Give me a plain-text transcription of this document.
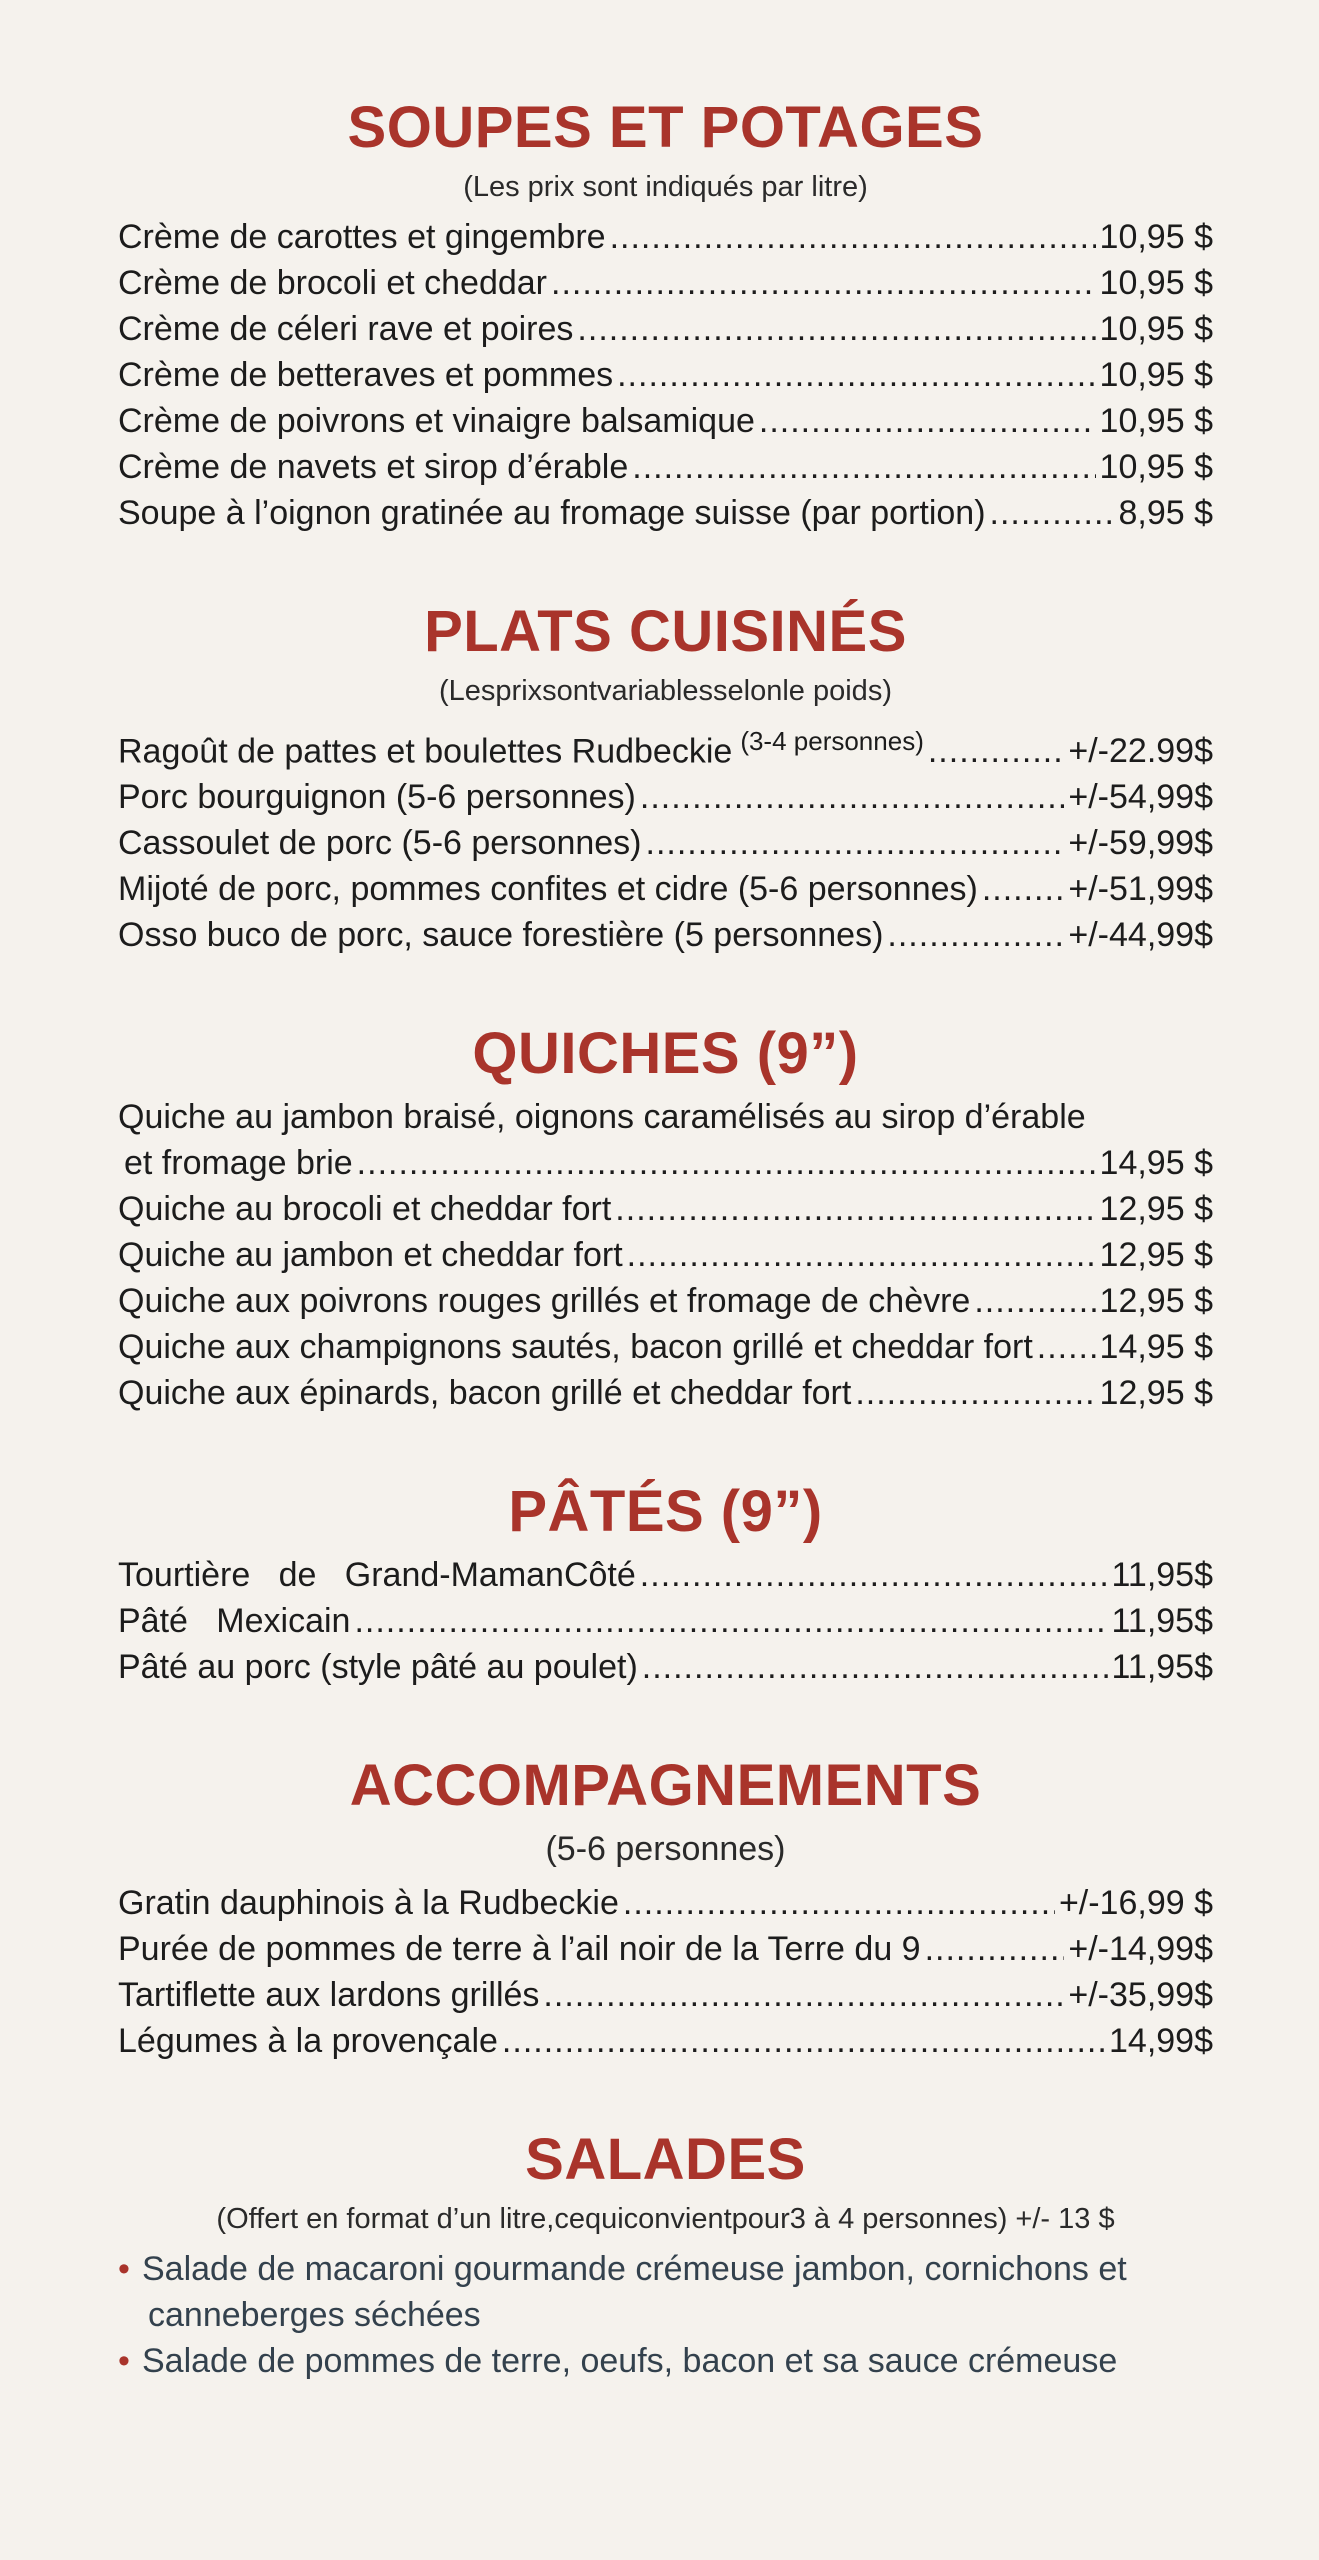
SOUPES ET POTAGES

(Les prix sont indiqués par litre)

Crème de carottes et gingembre .....	10,95 $
Crème de brocoli et cheddar .....	10,95 $
Crème de céleri rave et poires .....	10,95 $
Crème de betteraves et pommes .....	10,95 $
Crème de poivrons et vinaigre balsamique .....	10,95 $
Crème de navets et sirop d’érable .....	10,95 $
Soupe à l’oignon gratinée au fromage suisse (par portion) .....	8,95 $
PLATS CUISINÉS

(Lesprixsontvariablesselonle poids)

Ragoût de pattes et boulettes Rudbeckie $^{(3-4 personnes)}$ .....	+/-22.99$
Porc bourguignon (5-6 personnes) .....	+/-54,99$
Cassoulet de porc (5-6 personnes) .....	+/-59,99$
Mijoté de porc, pommes confites et cidre (5-6 personnes) .....	+/-51,99$
Osso buco de porc, sauce forestière (5 personnes) .....	+/-44,99$
QUICHES (9”)
Quiche au jambon braisé, oignons caramélisés au sirop d’érable
et fromage brie .....	14,95 $
Quiche au brocoli et cheddar fort .....	12,95 $
Quiche au jambon et cheddar fort .....	12,95 $
Quiche aux poivrons rouges grillés et fromage de chèvre .....	12,95 $
Quiche aux champignons sautés, bacon grillé et cheddar fort ..... 14,95 $
Quiche aux épinards, bacon grillé et cheddar fort .....	12,95 $
PÂTÉS (9”)
Tourtière   de   Grand-MamanCôté .....	11,95$
Pâté   Mexicain .....	11,95$
Pâté au porc (style pâté au poulet) .....	11,95$
ACCOMPAGNEMENTS

(5-6 personnes)

Gratin dauphinois à la Rudbeckie .....	+/-16,99 $
Purée de pommes de terre à l’ail noir de la Terre du 9 .....	+/-14,99$
Tartiflette aux lardons grillés .....	+/-35,99$
Légumes à la provençale .....	14,99$
SALADES

(Offert en format d’un litre,cequiconvientpour3 à 4 personnes) +/- 13 $

• Salade de macaroni gourmande crémeuse jambon, cornichons et
canneberges séchées
• Salade de pommes de terre, oeufs, bacon et sa sauce crémeuse
